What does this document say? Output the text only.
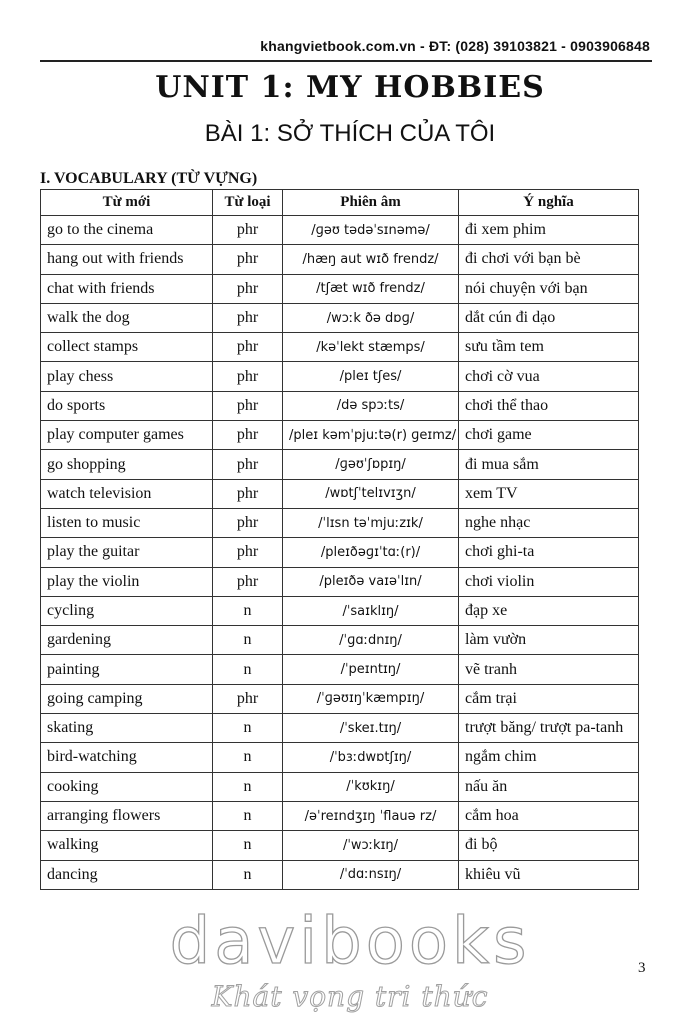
khangvietbook.com.vn - ĐT: (028) 39103821 - 0903906848
UNIT 1: MY HOBBIES
BÀI 1: SỞ THÍCH CỦA TÔI
I. VOCABULARY (TỪ VỰNG)
Từ mới	Từ loại	Phiên âm	Ý nghĩa
go to the cinema	phr	/ɡəʊ tədəˈsɪnəmə/	đi xem phim
hang out with friends	phr	/hæŋ aut wɪð frendz/	đi chơi với bạn bè
chat with friends	phr	/tʃæt wɪð frendz/	nói chuyện với bạn
walk the dog	phr	/wɔːk ðə dɒɡ/	dắt cún đi dạo
collect stamps	phr	/kəˈlekt stæmps/	sưu tầm tem
play chess	phr	/pleɪ tʃes/	chơi cờ vua
do sports	phr	/də spɔːts/	chơi thể thao
play computer games	phr	/pleɪ kəmˈpjuːtə(r) ɡeɪmz/	chơi game
go shopping	phr	/ɡəʊˈʃɒpɪŋ/	đi mua sắm
watch television	phr	/wɒtʃˈtelɪvɪʒn/	xem TV
listen to music	phr	/ˈlɪsn təˈmjuːzɪk/	nghe nhạc
play the guitar	phr	/pleɪðəɡɪˈtɑː(r)/	chơi ghi-ta
play the violin	phr	/pleɪðə vaɪəˈlɪn/	chơi violin
cycling	n	/ˈsaɪklɪŋ/	đạp xe
gardening	n	/ˈɡɑːdnɪŋ/	làm vườn
painting	n	/ˈpeɪntɪŋ/	vẽ tranh
going camping	phr	/ˈɡəʊɪŋˈkæmpɪŋ/	cắm trại
skating	n	/ˈskeɪ.tɪŋ/	trượt băng/ trượt pa-tanh
bird-watching	n	/ˈbɜːdwɒtʃɪŋ/	ngắm chim
cooking	n	/ˈkʊkɪŋ/	nấu ăn
arranging flowers	n	/əˈreɪndʒɪŋ ˈflauə rz/	cắm hoa
walking	n	/ˈwɔːkɪŋ/	đi bộ
dancing	n	/ˈdɑːnsɪŋ/	khiêu vũ
davibooks
Khát vọng tri thức
3
